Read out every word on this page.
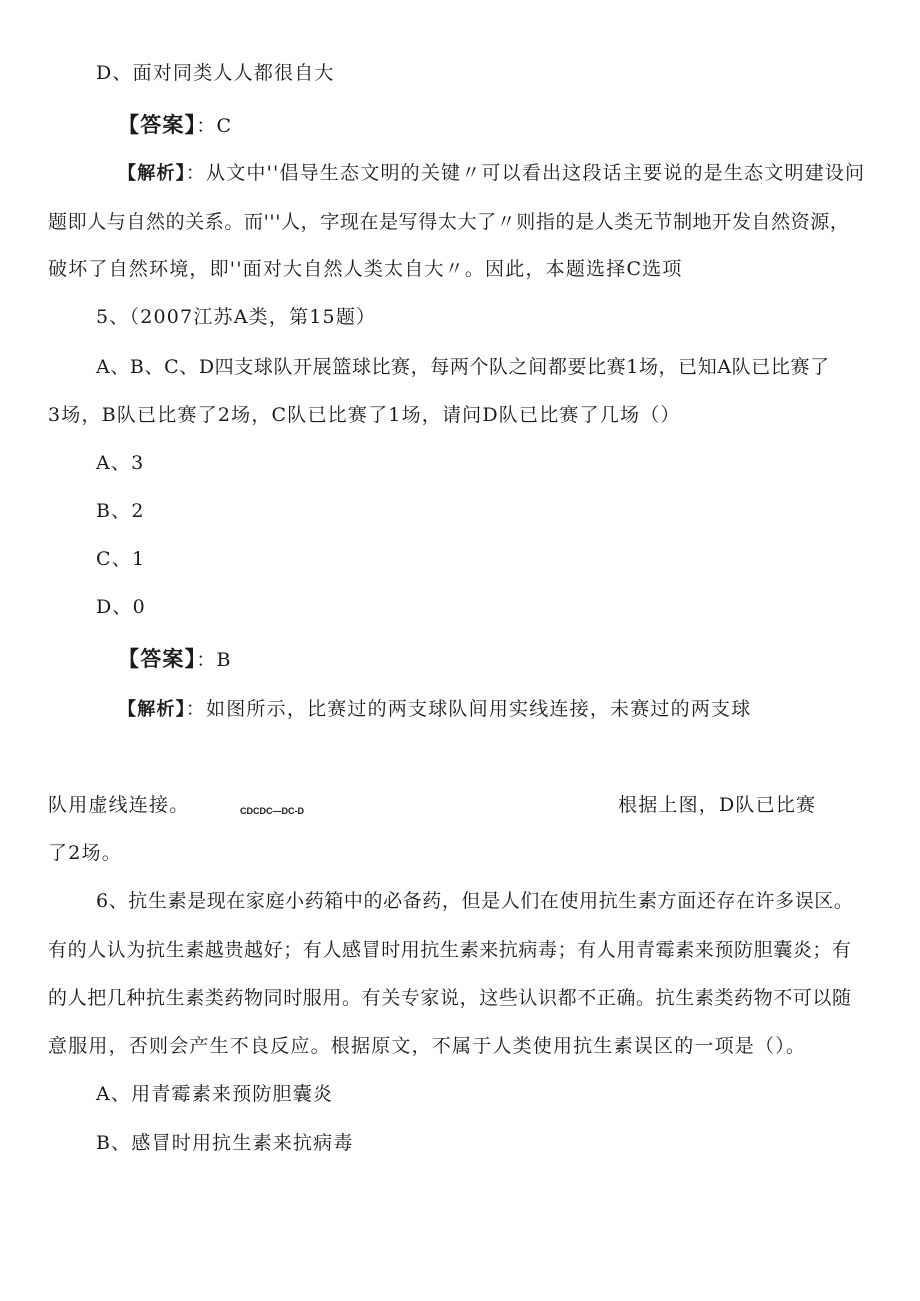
D、面对同类人人都很自大
【答案】：C
【解析】：从文中''倡导生态文明的关键〃可以看出这段话主要说的是生态文明建设问
题即人与自然的关系。而'''人，字现在是写得太大了〃则指的是人类无节制地开发自然资源，
破坏了自然环境，即''面对大自然人类太自大〃。因此，本题选择C选项
5、（2007江苏A类，第15题）
A、B、C、D四支球队开展篮球比赛，每两个队之间都要比赛1场，已知A队已比赛了
3场，B队已比赛了2场，C队已比赛了1场，请问D队已比赛了几场（）
A、3
B、2
C、1
D、0
【答案】：B
【解析】：如图所示，比赛过的两支球队间用实线连接，未赛过的两支球
队用虚线连接。	CDCDC—DC-D	根据上图，D队已比赛
了2场。
6、抗生素是现在家庭小药箱中的必备药，但是人们在使用抗生素方面还存在许多误区。
有的人认为抗生素越贵越好；有人感冒时用抗生素来抗病毒；有人用青霉素来预防胆囊炎；有
的人把几种抗生素类药物同时服用。有关专家说，这些认识都不正确。抗生素类药物不可以随
意服用，否则会产生不良反应。根据原文，不属于人类使用抗生素误区的一项是（）。
A、用青霉素来预防胆囊炎
B、感冒时用抗生素来抗病毒
